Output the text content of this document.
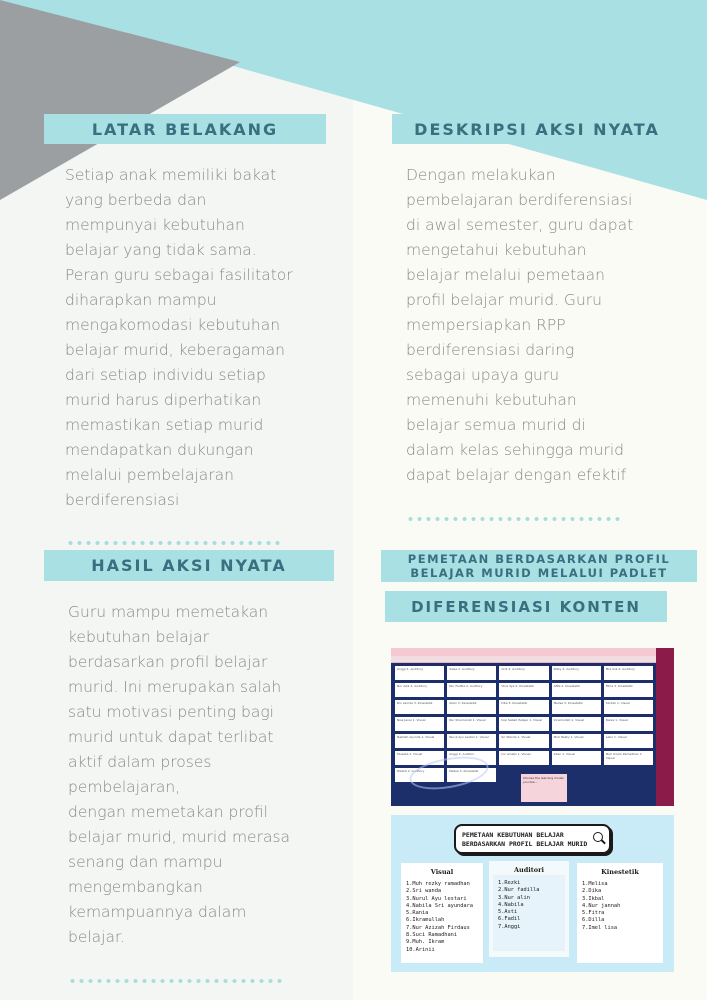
LATAR BELAKANG
Setiap anak memiliki bakat
yang berbeda dan
mempunyai kebutuhan
belajar yang tidak sama.
Peran guru sebagai fasilitator
diharapkan mampu
mengakomodasi kebutuhan
belajar murid, keberagaman
dari setiap individu setiap
murid harus diperhatikan
memastikan setiap murid
mendapatkan dukungan
melalui pembelajaran
berdiferensiasi
DESKRIPSI AKSI NYATA
Dengan melakukan
pembelajaran berdiferensiasi
di awal semester, guru dapat
mengetahui kebutuhan
belajar melalui pemetaan
profil belajar murid. Guru
mempersiapkan RPP
berdiferensiasi daring
sebagai upaya guru
memenuhi kebutuhan
belajar semua murid di
dalam kelas sehingga murid
dapat belajar dengan efektif
HASIL AKSI NYATA
Guru mampu memetakan
kebutuhan belajar
berdasarkan profil belajar
murid. Ini merupakan salah
satu motivasi penting bagi
murid untuk dapat terlibat
aktif dalam proses
pembelajaran,
dengan memetakan profil
belajar murid, murid merasa
senang dan mampu
mengembangkan
kemampuannya dalam
belajar.
PEMETAAN BERDASARKAN PROFIL
BELAJAR MURID MELALUI PADLET
DIFERENSIASI KONTEN
Anggi 2. Auditory	Salsa 2. Auditory	Ardi 2. Auditory	Rizky 2. Auditory	Mia lina 2. Auditory
Nur Azik 2. Auditory	Nur Fadilla 2. Auditory	Vina dya 2. Kinestetik	Afifa 2. Kinestetik	Fitria 3. Kinestetik
Rio Lamda 3. Kinestetik	Alam 3. Kinestetik	Dita 3. Kinestetik	Melisa 3. Kinestetik	Sa'dah 1. Visual
Nisa Janai 1. Visual	Nur Khumairah 1. Visual	Kop Sabah Pelajar 1. Visual	Innamullah 1. Visual	Rania 1. Visual
Nabilah Ayunda 1. Visual	Nurul Ayu Lestari 1. Visual	Sri Wanda 1. Visual	Muh Rezky 1. Visual	Lebo 1. Visual
Musaka 1. Visual	Anggi 2. Auditori	Ivo ameks 1. Visual	Intan 1. Visual	Muh Ikram Ramadhan 1. Visual
Rizaldi 2. Auditory	Melisa 3. Kinestetik
Choose the learning model you like...
PEMETAAN KEBUTUHAN BELAJAR
BERDASARKAN PROFIL BELAJAR MURID
Visual
1.Muh rezky ramadhan
2.Sri wanda
3.Nurul Ayu lestari
4.Nabila Sri ayundara
5.Rania
6.Ikramullah
7.Nur Azizah Firdaus
8.Suci Ramadhani
9.Muh. Ikram
10.Arinii
Auditori
1.Rezki
2.Nur fadilla
3.Nur alin
4.Nabila
5.Asti
6.Fadil
7.Anggi
Kinestetik
1.Melisa
2.Dika
3.Ikbal
4.Nur jannah
5.Fitra
6.Dilla
7.Imel lisa
